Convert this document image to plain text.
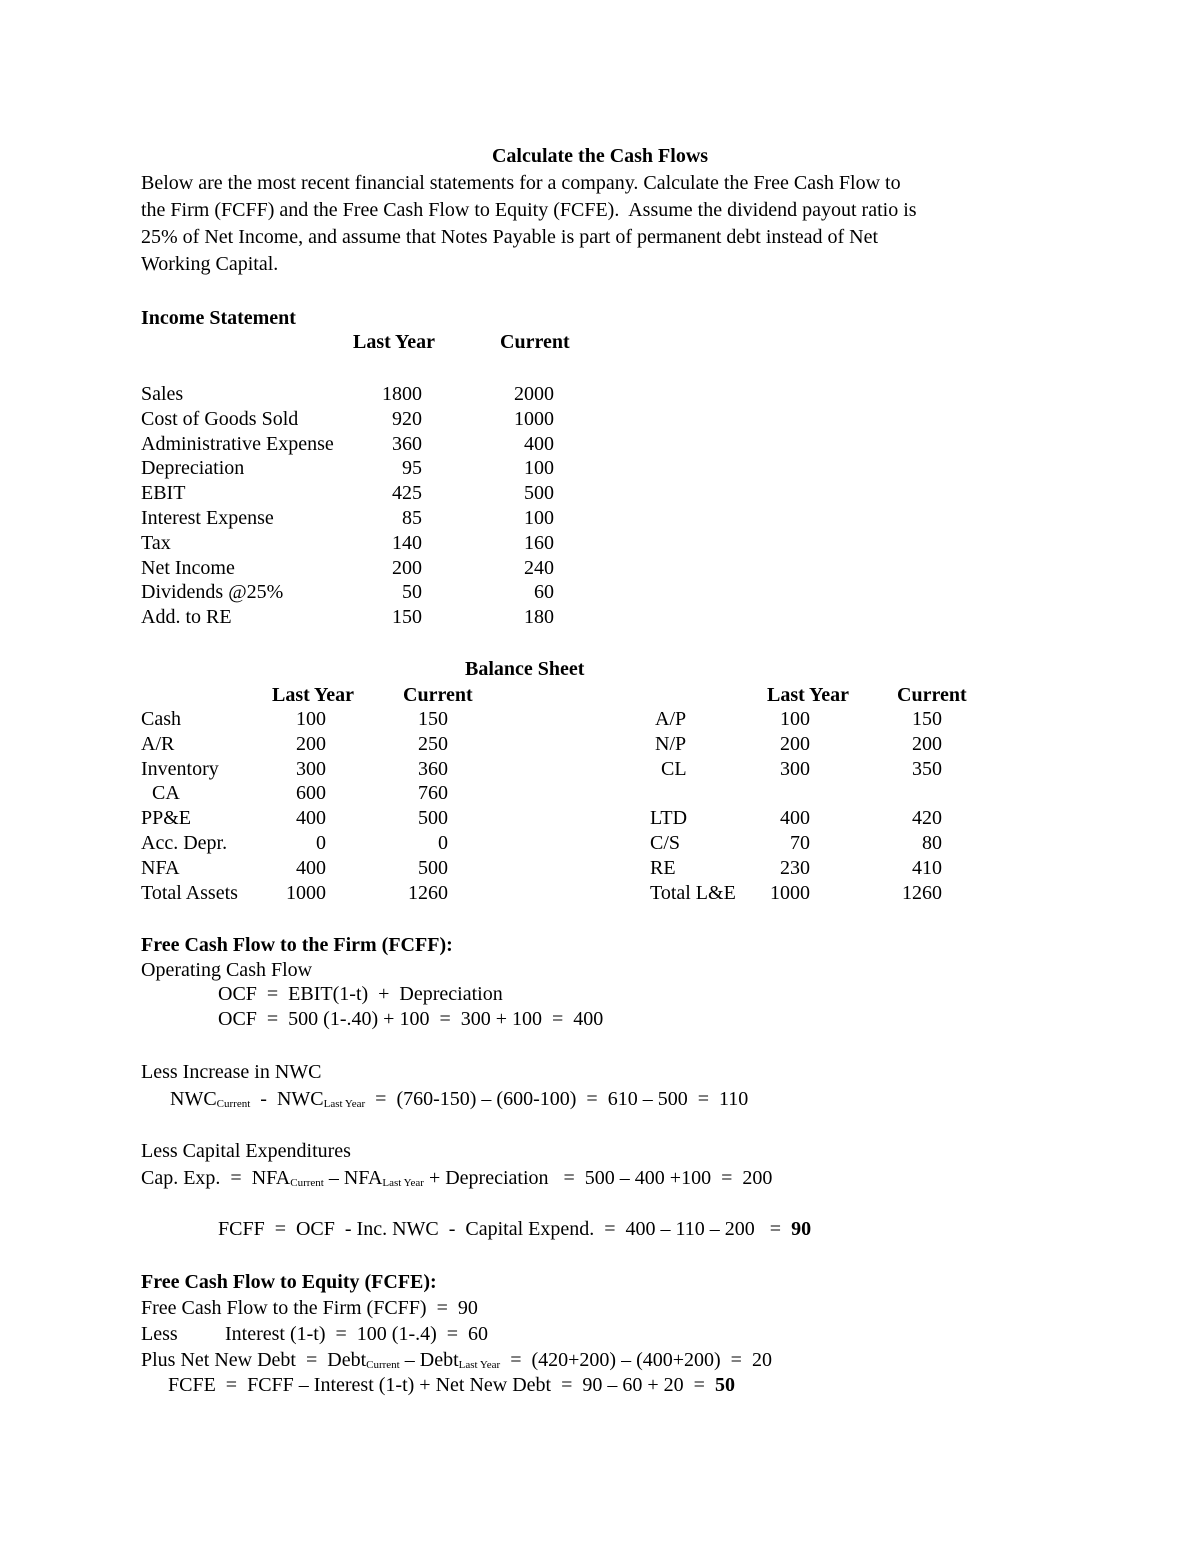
Calculate the Cash Flows
Below are the most recent financial statements for a company. Calculate the Free Cash Flow to
the Firm (FCFF) and the Free Cash Flow to Equity (FCFE).  Assume the dividend payout ratio is
25% of Net Income, and assume that Notes Payable is part of permanent debt instead of Net
Working Capital.
Income Statement
Last Year	Current
Sales	1800	2000
Cost of Goods Sold	920	1000
Administrative Expense	360	400
Depreciation	95	100
EBIT	425	500
Interest Expense	85	100
Tax	140	160
Net Income	200	240
Dividends @25%	50	60
Add. to RE	150	180
Balance Sheet
Last Year Current	Last Year Current
Cash	100	150
A/R	200	250
Inventory	300	360
CA	600	760
PP&E	400	500
Acc. Depr.	0	0
NFA	400	500
Total Assets	1000	1260
A/P	100	150
N/P	200	200
CL	300	350
LTD	400	420
C/S	70	80
RE	230	410
Total L&E	1000	1260
Free Cash Flow to the Firm (FCFF):
Operating Cash Flow
OCF  =  EBIT(1-t)  +  Depreciation
OCF  =  500 (1-.40) + 100  =  300 + 100  =  400
Less Increase in NWC
$NWC_{Current} - NWC_{Last Year} = (760-150) - (600-100) = 610 - 500 = 110$
Less Capital Expenditures
Cap. Exp.  =  $NFA_{Current} - NFA_{Last Year}$ + Depreciation   =  500 – 400 +100  =  200
FCFF  =  OCF  - Inc. NWC  -  Capital Expend.  =  400 – 110 – 200   =  90
Free Cash Flow to Equity (FCFE):
Free Cash Flow to the Firm (FCFF)  =  90
Less Interest (1-t)  =  100 (1-.4)  =  60
Plus Net New Debt  =  Debt$_{Current}$ – Debt$_{Last Year}$  =  (420+200) – (400+200)  =  20
FCFE  =  FCFF – Interest (1-t) + Net New Debt  =  90 – 60 + 20  =  50
